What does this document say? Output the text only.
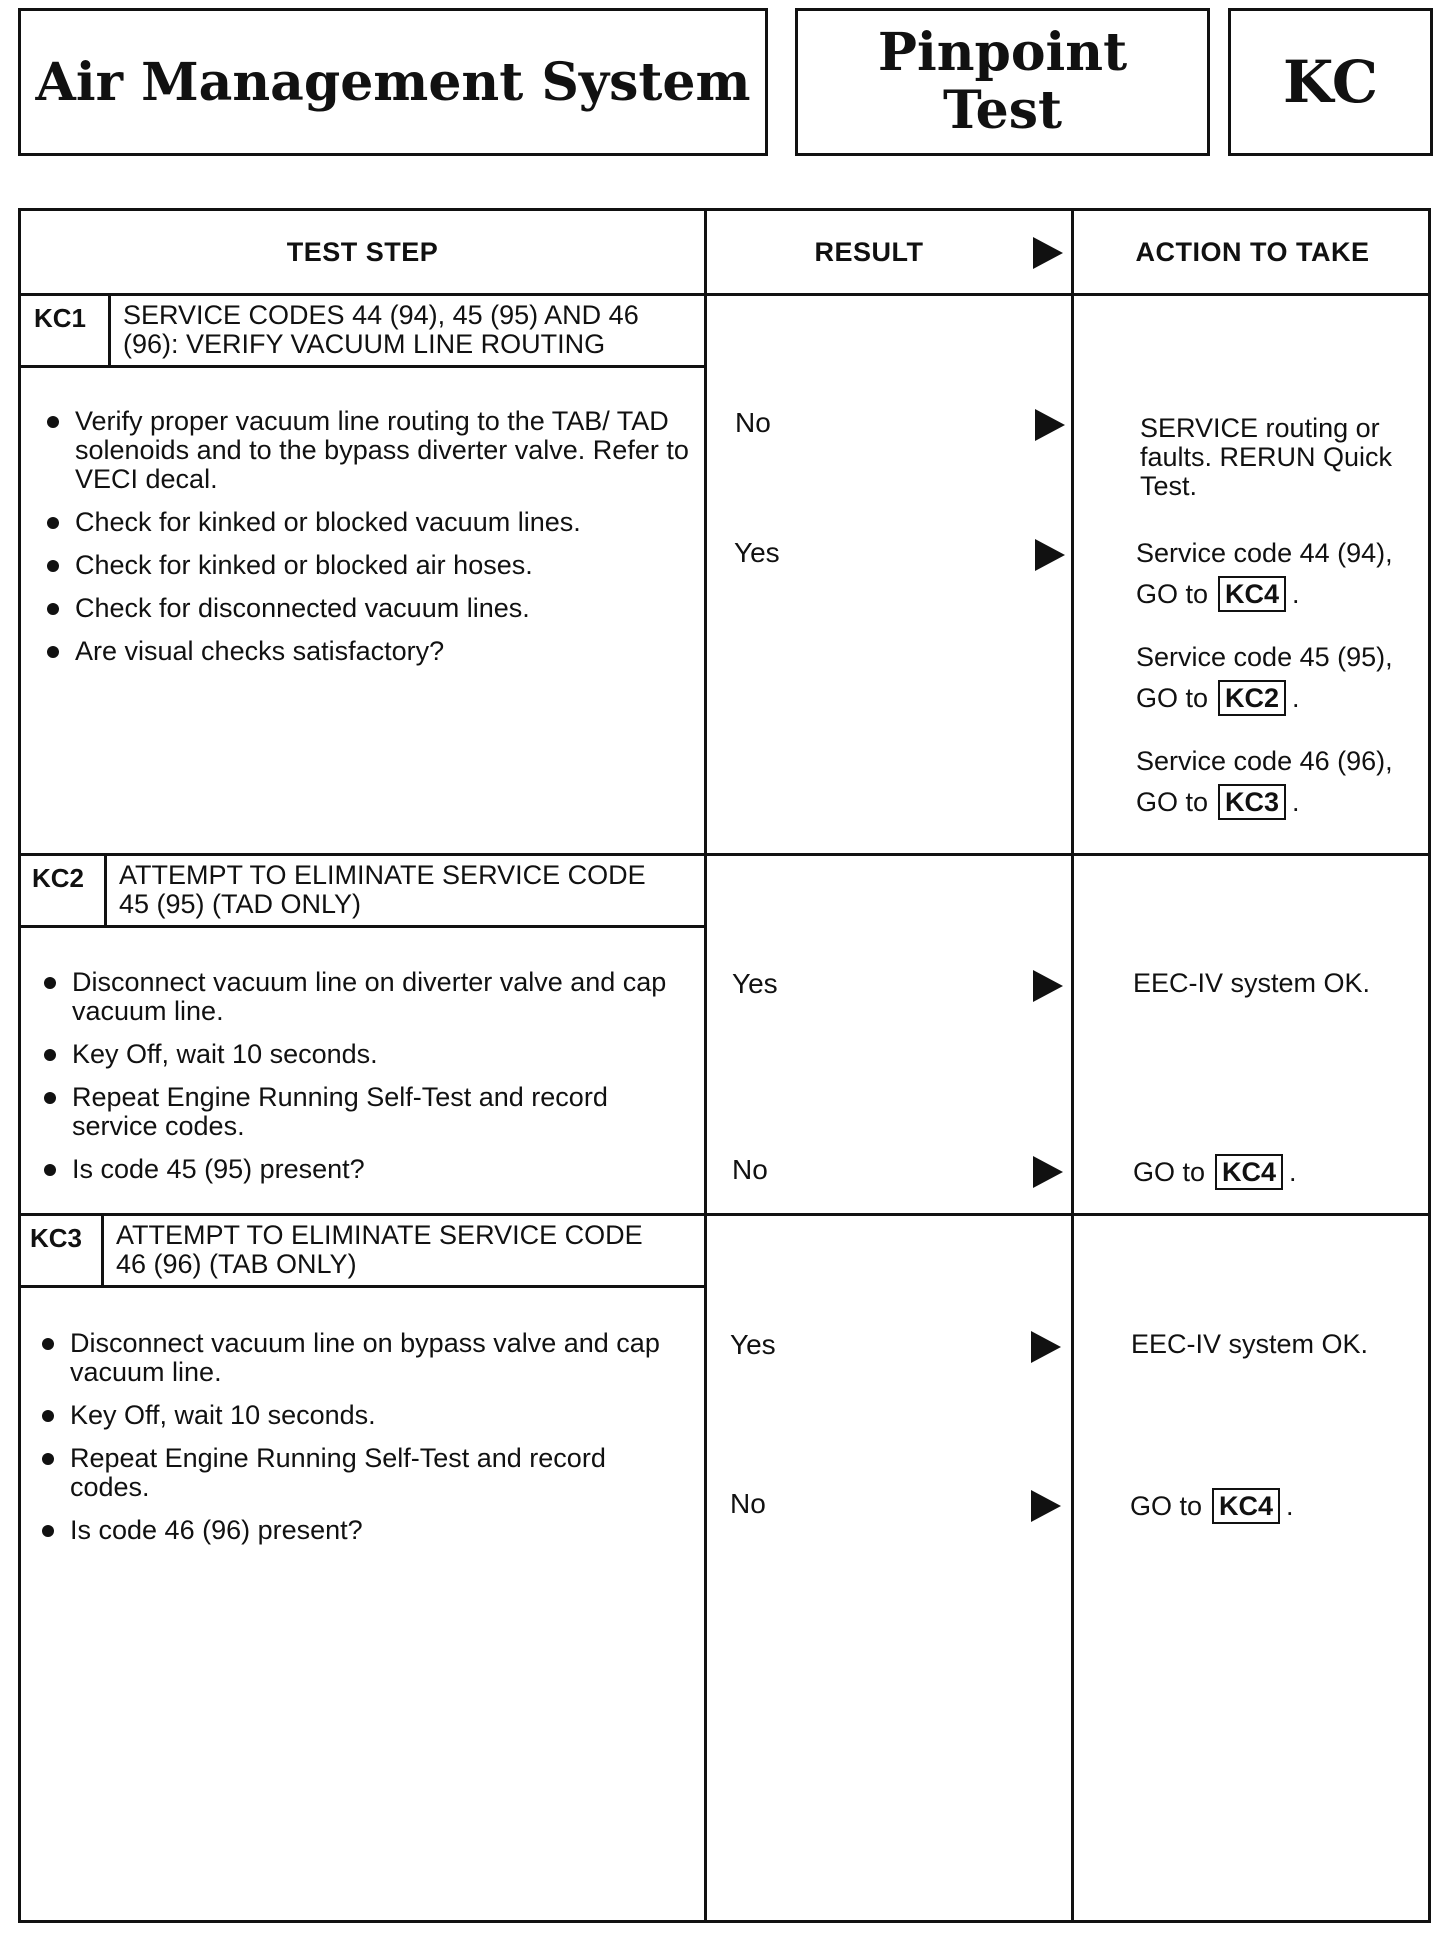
Air Management System	Pinpoint
Test	KC
TEST STEP	RESULT	ACTION TO TAKE
KC1 SERVICE CODES 44 (94), 45 (95) AND 46
(96): VERIFY VACUUM LINE ROUTING
Verify proper vacuum line routing to the TAB/ TAD solenoids and to the bypass diverter valve. Refer to VECI decal.
Check for kinked or blocked vacuum lines.
Check for kinked or blocked air hoses.
Check for disconnected vacuum lines.
Are visual checks satisfactory?
No	SERVICE routing or faults. RERUN Quick Test.
Yes	Service code 44 (94),
GO to KC4 .
Service code 45 (95),
GO to KC2 .
Service code 46 (96),
GO to KC3 .
KC2 ATTEMPT TO ELIMINATE SERVICE CODE
45 (95) (TAD ONLY)
Disconnect vacuum line on diverter valve and cap vacuum line.
Key Off, wait 10 seconds.
Repeat Engine Running Self-Test and record service codes.
Is code 45 (95) present?
Yes	EEC-IV system OK.
No	GO to KC4 .
KC3 ATTEMPT TO ELIMINATE SERVICE CODE
46 (96) (TAB ONLY)
Disconnect vacuum line on bypass valve and cap vacuum line.
Key Off, wait 10 seconds.
Repeat Engine Running Self-Test and record codes.
Is code 46 (96) present?
Yes	EEC-IV system OK.
No	GO to KC4 .
